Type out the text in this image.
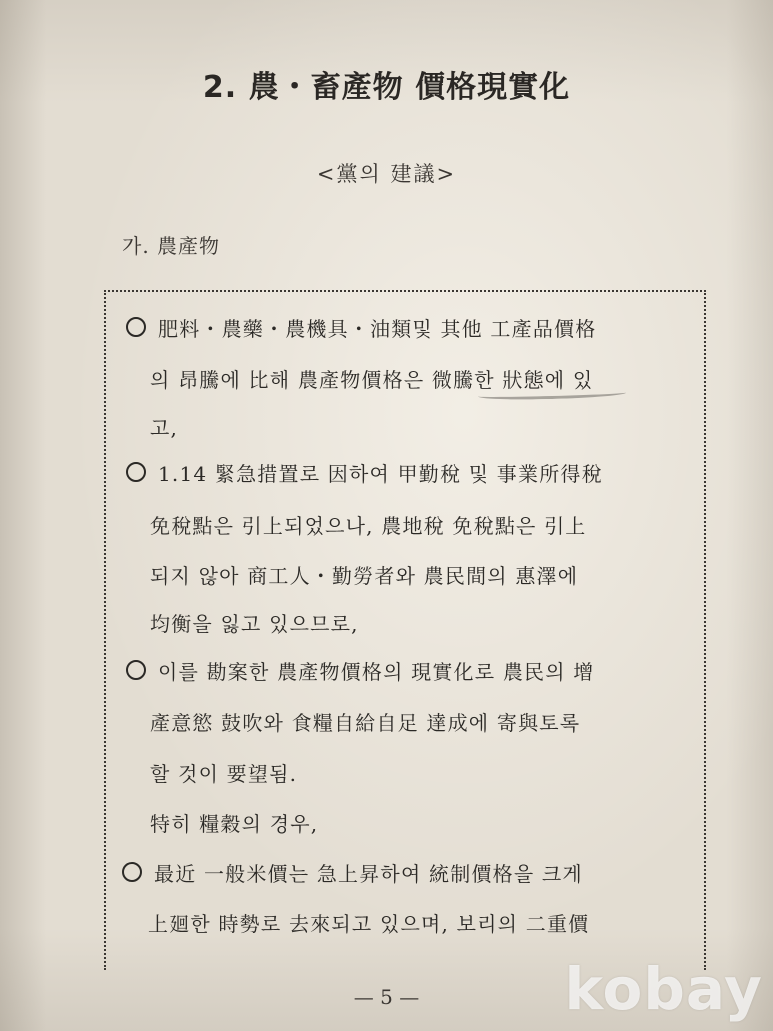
2. 農・畜產物 價格現實化
<黨의 建議>
가. 農產物
肥料・農藥・農機具・油類및 其他 工產品價格
의 昂騰에 比해 農產物價格은 微騰한 狀態에 있
고,
1.14 緊急措置로 因하여 甲勤稅 및 事業所得稅
免稅點은 引上되었으나, 農地稅 免稅點은 引上
되지 않아 商工人・勤勞者와 農民間의 惠澤에
均衡을 잃고 있으므로,
이를 勘案한 農產物價格의 現實化로 農民의 增
產意慾 鼓吹와 食糧自給自足 達成에 寄與토록
할 것이 要望됨.
特히 糧穀의 경우,
最近 一般米價는 急上昇하여 統制價格을 크게
上廻한 時勢로 去來되고 있으며, 보리의 二重價
— 5 —	kobay
